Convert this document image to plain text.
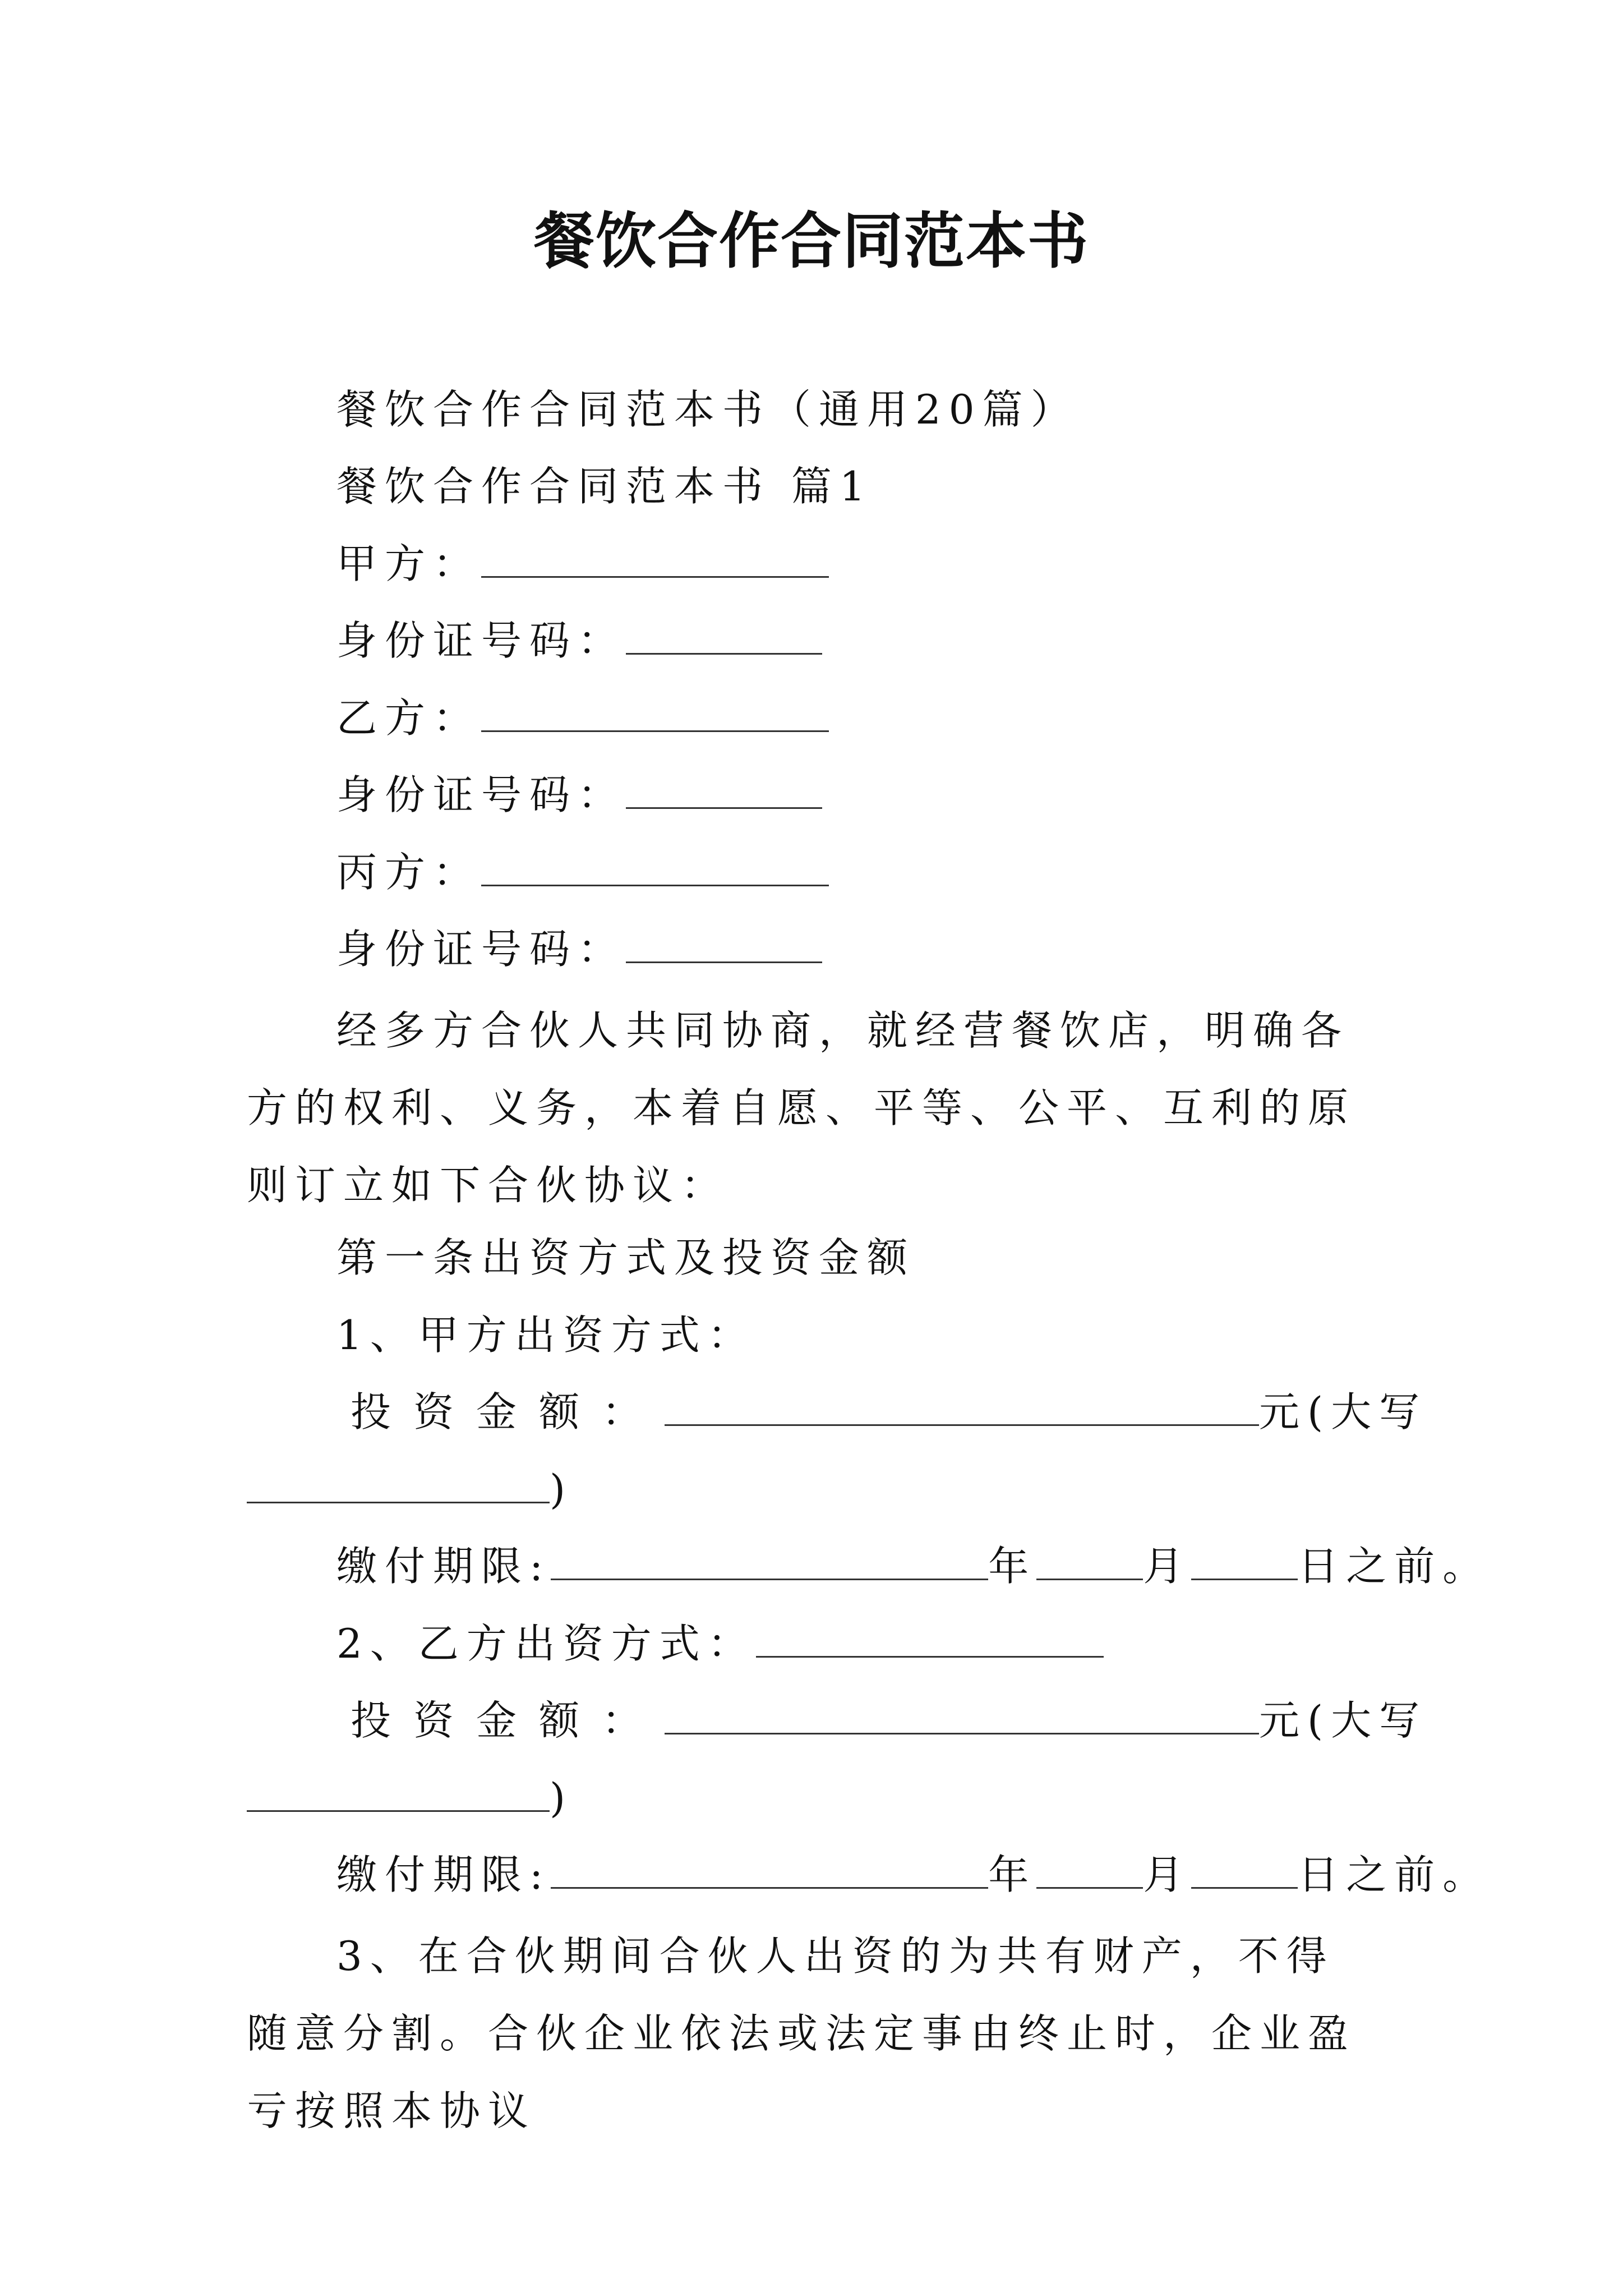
餐饮合作合同范本书
餐饮合作合同范本书（通用20篇）
餐饮合作合同范本书 篇1
甲方：
身份证号码：
乙方：
身份证号码：
丙方：
身份证号码：
经多方合伙人共同协商，就经营餐饮店，明确各方的权利、义务，本着自愿、平等、公平、互利的原则订立如下合伙协议：
第一条出资方式及投资金额
1、甲方出资方式：
投资金额：	元(大写
)
缴付期限:	年	月	日之前。
2、乙方出资方式：
投资金额：	元(大写
)
缴付期限:	年	月	日之前。
3、在合伙期间合伙人出资的为共有财产，不得随意分割。合伙企业依法或法定事由终止时，企业盈亏按照本协议
